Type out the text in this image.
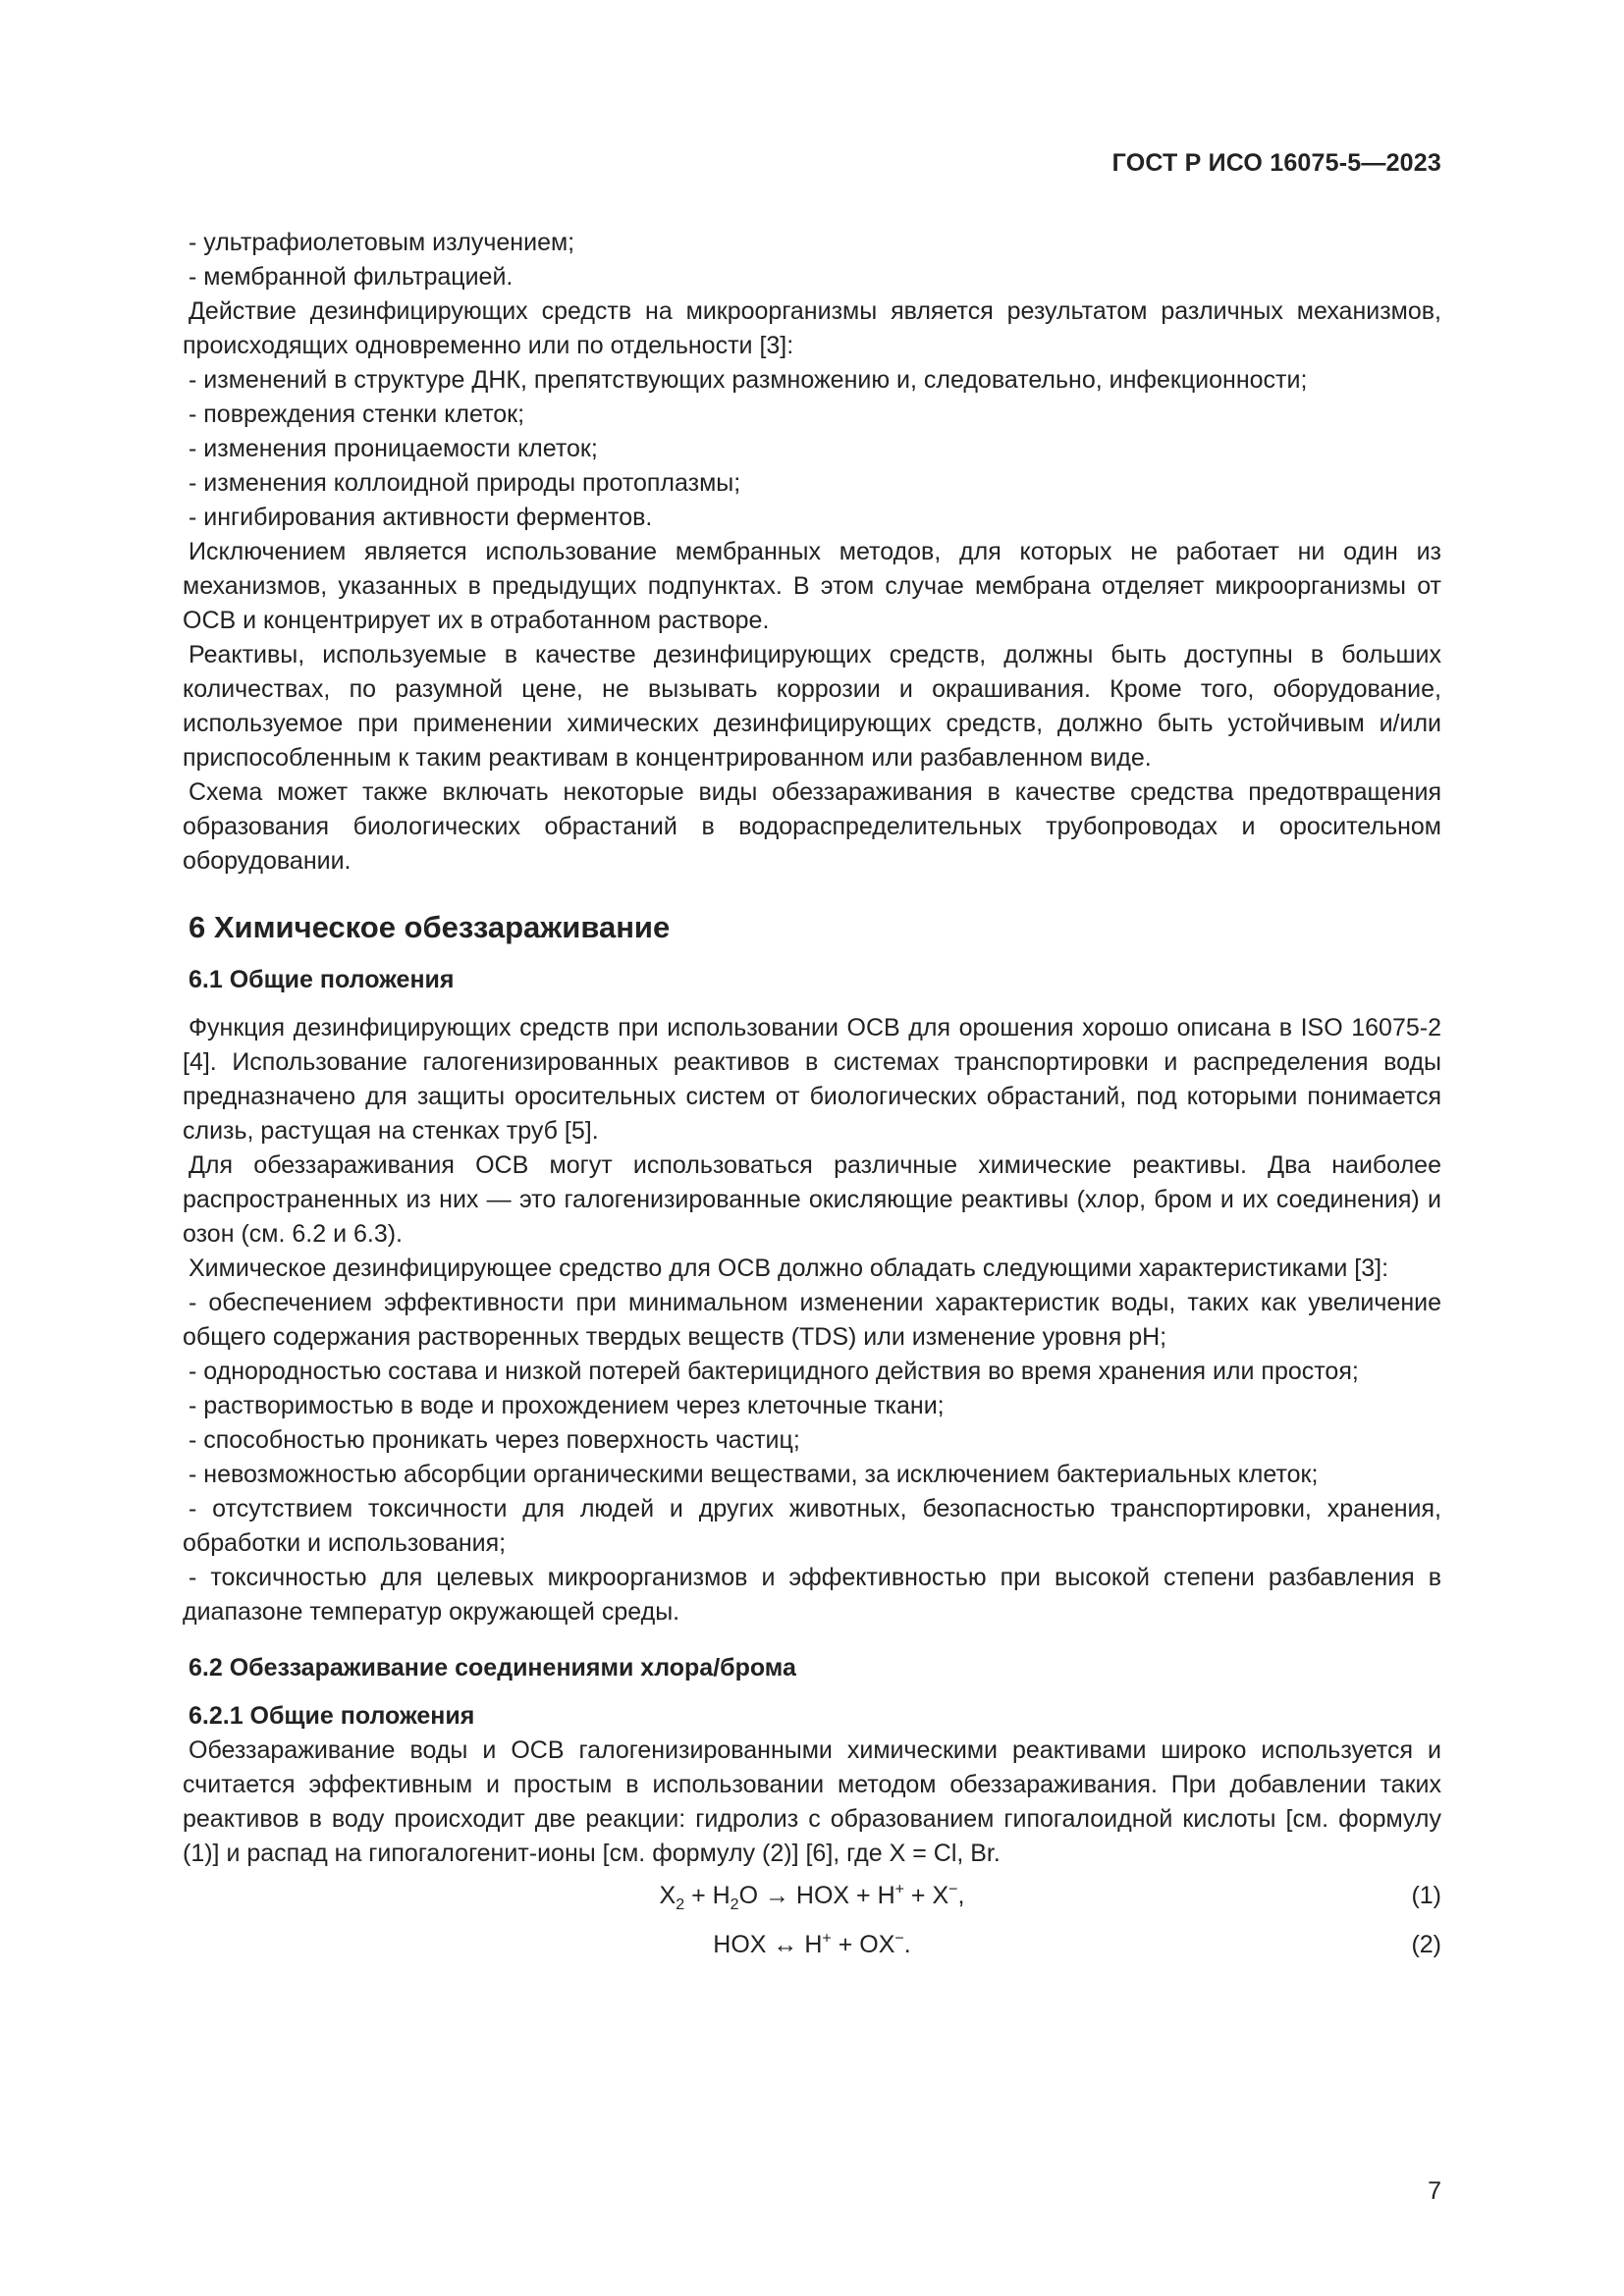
ГОСТ Р ИСО 16075-5—2023

- ультрафиолетовым излучением;

- мембранной фильтрацией.

Действие дезинфицирующих средств на микроорганизмы является результатом различных механизмов, происходящих одновременно или по отдельности [3]:

- изменений в структуре ДНК, препятствующих размножению и, следовательно, инфекционности;

- повреждения стенки клеток;

- изменения проницаемости клеток;

- изменения коллоидной природы протоплазмы;

- ингибирования активности ферментов.

Исключением является использование мембранных методов, для которых не работает ни один из механизмов, указанных в предыдущих подпунктах. В этом случае мембрана отделяет микроорганизмы от ОСВ и концентрирует их в отработанном растворе.

Реактивы, используемые в качестве дезинфицирующих средств, должны быть доступны в больших количествах, по разумной цене, не вызывать коррозии и окрашивания. Кроме того, оборудование, используемое при применении химических дезинфицирующих средств, должно быть устойчивым и/или приспособленным к таким реактивам в концентрированном или разбавленном виде.

Схема может также включать некоторые виды обеззараживания в качестве средства предотвращения образования биологических обрастаний в водораспределительных трубопроводах и оросительном оборудовании.

6 Химическое обеззараживание
6.1 Общие положения

Функция дезинфицирующих средств при использовании ОСВ для орошения хорошо описана в ISO 16075-2 [4]. Использование галогенизированных реактивов в системах транспортировки и распределения воды предназначено для защиты оросительных систем от биологических обрастаний, под которыми понимается слизь, растущая на стенках труб [5].

Для обеззараживания ОСВ могут использоваться различные химические реактивы. Два наиболее распространенных из них — это галогенизированные окисляющие реактивы (хлор, бром и их соединения) и озон (см. 6.2 и 6.3).

Химическое дезинфицирующее средство для ОСВ должно обладать следующими характеристиками [3]:

- обеспечением эффективности при минимальном изменении характеристик воды, таких как увеличение общего содержания растворенных твердых веществ (TDS) или изменение уровня pH;

- однородностью состава и низкой потерей бактерицидного действия во время хранения или простоя;

- растворимостью в воде и прохождением через клеточные ткани;

- способностью проникать через поверхность частиц;

- невозможностью абсорбции органическими веществами, за исключением бактериальных клеток;

- отсутствием токсичности для людей и других животных, безопасностью транспортировки, хранения, обработки и использования;

- токсичностью для целевых микроорганизмов и эффективностью при высокой степени разбавления в диапазоне температур окружающей среды.

6.2 Обеззараживание соединениями хлора/брома
6.2.1 Общие положения

Обеззараживание воды и ОСВ галогенизированными химическими реактивами широко используется и считается эффективным и простым в использовании методом обеззараживания. При добавлении таких реактивов в воду происходит две реакции: гидролиз с образованием гипогалоидной кислоты [см. формулу (1)] и распад на гипогалогенит-ионы [см. формулу (2)] [6], где X = Cl, Br.

$X_2 + H_2O$ → HOX + H+ + X−,	(1)
HOX ↔ H+ + OX−.	(2)
7
